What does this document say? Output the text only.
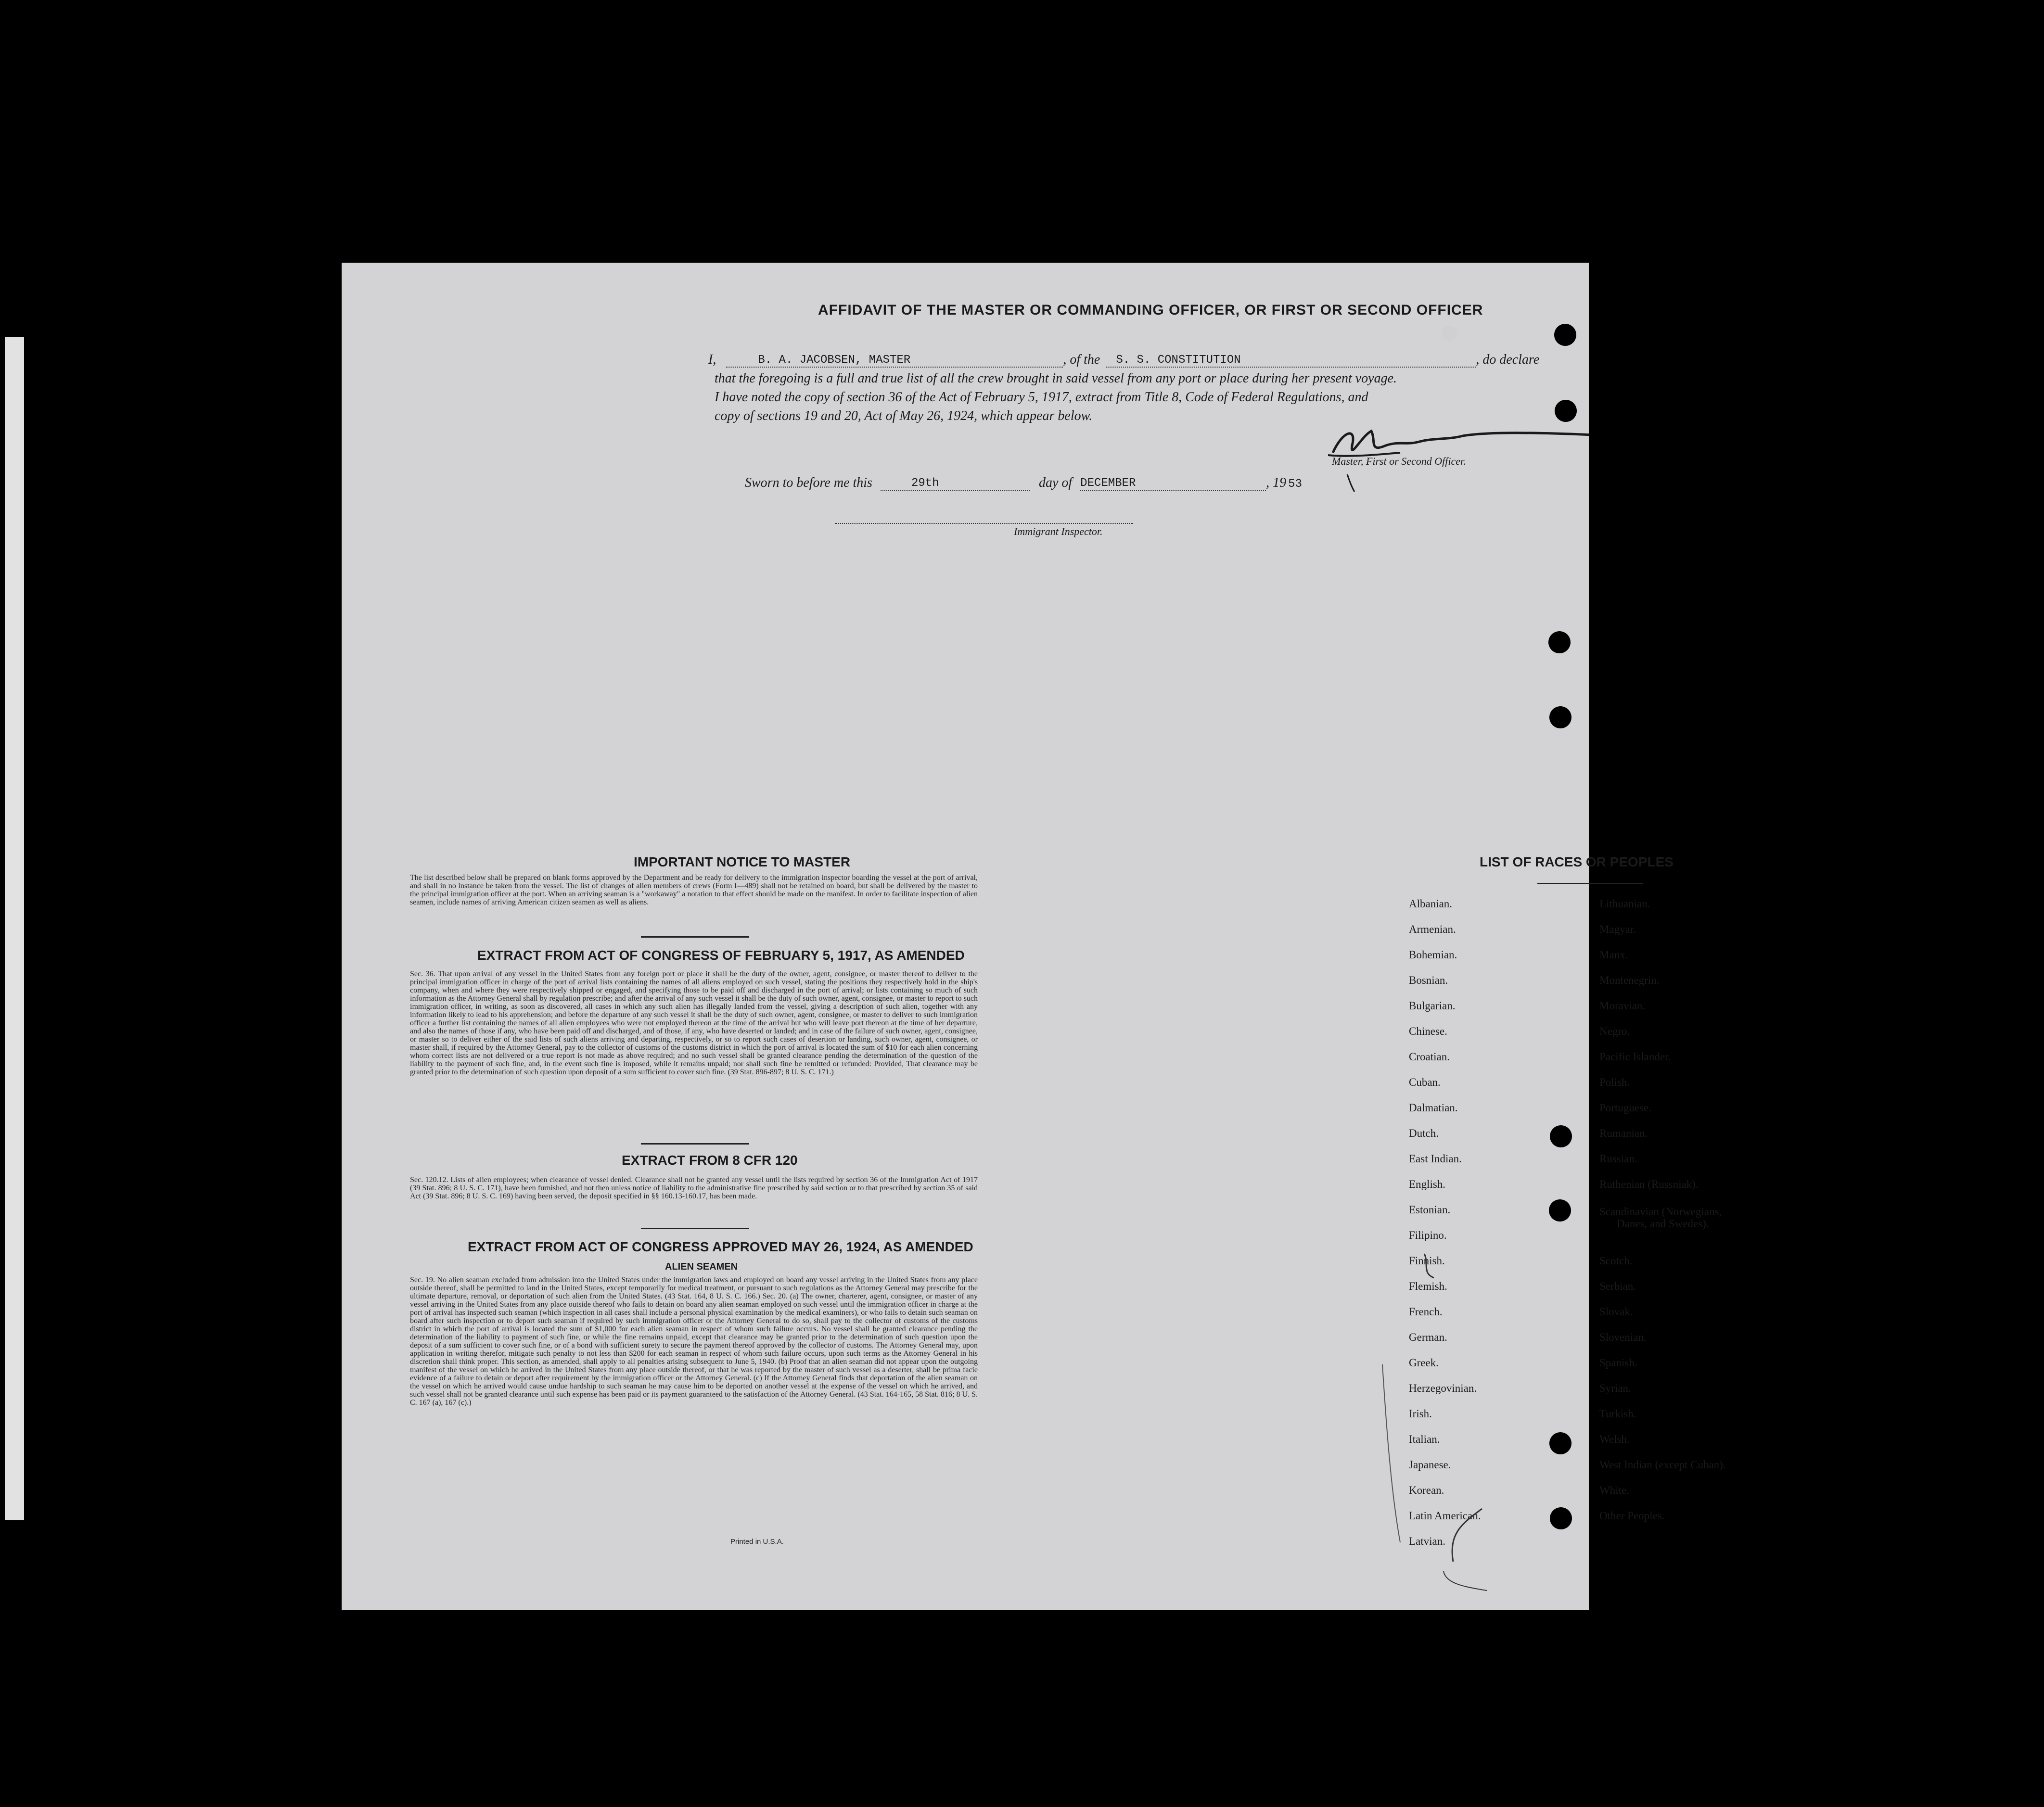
AFFIDAVIT OF THE MASTER OR COMMANDING OFFICER, OR FIRST OR SECOND OFFICER
I,	B. A. JACOBSEN, MASTER	, of the S. S. CONSTITUTION	, do declare
that the foregoing is a full and true list of all the crew brought in said vessel from any port or place during her present voyage.
I have noted the copy of section 36 of the Act of February 5, 1917, extract from Title 8, Code of Federal Regulations, and
copy of sections 19 and 20, Act of May 26, 1924, which appear below.
Master, First or Second Officer.
Sworn to before me this	29th	day of DECEMBER	, 19 53
Immigrant Inspector.
IMPORTANT NOTICE TO MASTER
The list described below shall be prepared on blank forms approved by the Department and be ready for delivery to the immigration inspector boarding the vessel at the port of arrival, and shall in no instance be taken from the vessel. The list of changes of alien members of crews (Form I—489) shall not be retained on board, but shall be delivered by the master to the principal immigration officer at the port. When an arriving seaman is a "workaway" a notation to that effect should be made on the manifest. In order to facilitate inspection of alien seamen, include names of arriving American citizen seamen as well as aliens.
EXTRACT FROM ACT OF CONGRESS OF FEBRUARY 5, 1917, AS AMENDED
Sec. 36. That upon arrival of any vessel in the United States from any foreign port or place it shall be the duty of the owner, agent, consignee, or master thereof to deliver to the principal immigration officer in charge of the port of arrival lists containing the names of all aliens employed on such vessel, stating the positions they respectively hold in the ship's company, when and where they were respectively shipped or engaged, and specifying those to be paid off and discharged in the port of arrival; or lists containing so much of such information as the Attorney General shall by regulation prescribe; and after the arrival of any such vessel it shall be the duty of such owner, agent, consignee, or master to report to such immigration officer, in writing, as soon as discovered, all cases in which any such alien has illegally landed from the vessel, giving a description of such alien, together with any information likely to lead to his apprehension; and before the departure of any such vessel it shall be the duty of such owner, agent, consignee, or master to deliver to such immigration officer a further list containing the names of all alien employees who were not employed thereon at the time of the arrival but who will leave port thereon at the time of her departure, and also the names of those if any, who have been paid off and discharged, and of those, if any, who have deserted or landed; and in case of the failure of such owner, agent, consignee, or master so to deliver either of the said lists of such aliens arriving and departing, respectively, or so to report such cases of desertion or landing, such owner, agent, consignee, or master shall, if required by the Attorney General, pay to the collector of customs of the customs district in which the port of arrival is located the sum of $10 for each alien concerning whom correct lists are not delivered or a true report is not made as above required; and no such vessel shall be granted clearance pending the determination of the question of the liability to the payment of such fine, and, in the event such fine is imposed, while it remains unpaid; nor shall such fine be remitted or refunded: Provided, That clearance may be granted prior to the determination of such question upon deposit of a sum sufficient to cover such fine. (39 Stat. 896-897; 8 U. S. C. 171.)
EXTRACT FROM 8 CFR 120
Sec. 120.12. Lists of alien employees; when clearance of vessel denied. Clearance shall not be granted any vessel until the lists required by section 36 of the Immigration Act of 1917 (39 Stat. 896; 8 U. S. C. 171), have been furnished, and not then unless notice of liability to the administrative fine prescribed by said section or to that prescribed by section 35 of said Act (39 Stat. 896; 8 U. S. C. 169) having been served, the deposit specified in §§ 160.13-160.17, has been made.
EXTRACT FROM ACT OF CONGRESS APPROVED MAY 26, 1924, AS AMENDED
ALIEN SEAMEN
Sec. 19. No alien seaman excluded from admission into the United States under the immigration laws and employed on board any vessel arriving in the United States from any place outside thereof, shall be permitted to land in the United States, except temporarily for medical treatment, or pursuant to such regulations as the Attorney General may prescribe for the ultimate departure, removal, or deportation of such alien from the United States. (43 Stat. 164, 8 U. S. C. 166.) Sec. 20. (a) The owner, charterer, agent, consignee, or master of any vessel arriving in the United States from any place outside thereof who fails to detain on board any alien seaman employed on such vessel until the immigration officer in charge at the port of arrival has inspected such seaman (which inspection in all cases shall include a personal physical examination by the medical examiners), or who fails to detain such seaman on board after such inspection or to deport such seaman if required by such immigration officer or the Attorney General to do so, shall pay to the collector of customs of the customs district in which the port of arrival is located the sum of $1,000 for each alien seaman in respect of whom such failure occurs. No vessel shall be granted clearance pending the determination of the liability to payment of such fine, or while the fine remains unpaid, except that clearance may be granted prior to the determination of such question upon the deposit of a sum sufficient to cover such fine, or of a bond with sufficient surety to secure the payment thereof approved by the collector of customs. The Attorney General may, upon application in writing therefor, mitigate such penalty to not less than $200 for each seaman in respect of whom such failure occurs, upon such terms as the Attorney General in his discretion shall think proper. This section, as amended, shall apply to all penalties arising subsequent to June 5, 1940. (b) Proof that an alien seaman did not appear upon the outgoing manifest of the vessel on which he arrived in the United States from any place outside thereof, or that he was reported by the master of such vessel as a deserter, shall be prima facie evidence of a failure to detain or deport after requirement by the immigration officer or the Attorney General. (c) If the Attorney General finds that deportation of the alien seaman on the vessel on which he arrived would cause undue hardship to such seaman he may cause him to be deported on another vessel at the expense of the vessel on which he arrived, and such vessel shall not be granted clearance until such expense has been paid or its payment guaranteed to the satisfaction of the Attorney General. (43 Stat. 164-165, 58 Stat. 816; 8 U. S. C. 167 (a), 167 (c).)
Printed in U.S.A.
LIST OF RACES OR PEOPLES
Albanian.
Armenian.
Bohemian.
Bosnian.
Bulgarian.
Chinese.
Croatian.
Cuban.
Dalmatian.
Dutch.
East Indian.
English.
Estonian.
Filipino.
Finnish.
Flemish.
French.
German.
Greek.
Herzegovinian.
Irish.
Italian.
Japanese.
Korean.
Latin American.
Latvian.
Lithuanian.
Magyar.
Manx.
Montenegrin.
Moravian.
Negro.
Pacific Islander.
Polish.
Portuguese.
Rumanian.
Russian.
Ruthenian (Russniak).
Scandinavian (Norwegians,
Danes, and Swedes).
Scotch.
Serbian.
Slovak.
Slovenian.
Spanish.
Syrian.
Turkish.
Welsh.
West Indian (except Cuban).
White.
Other Peoples.
